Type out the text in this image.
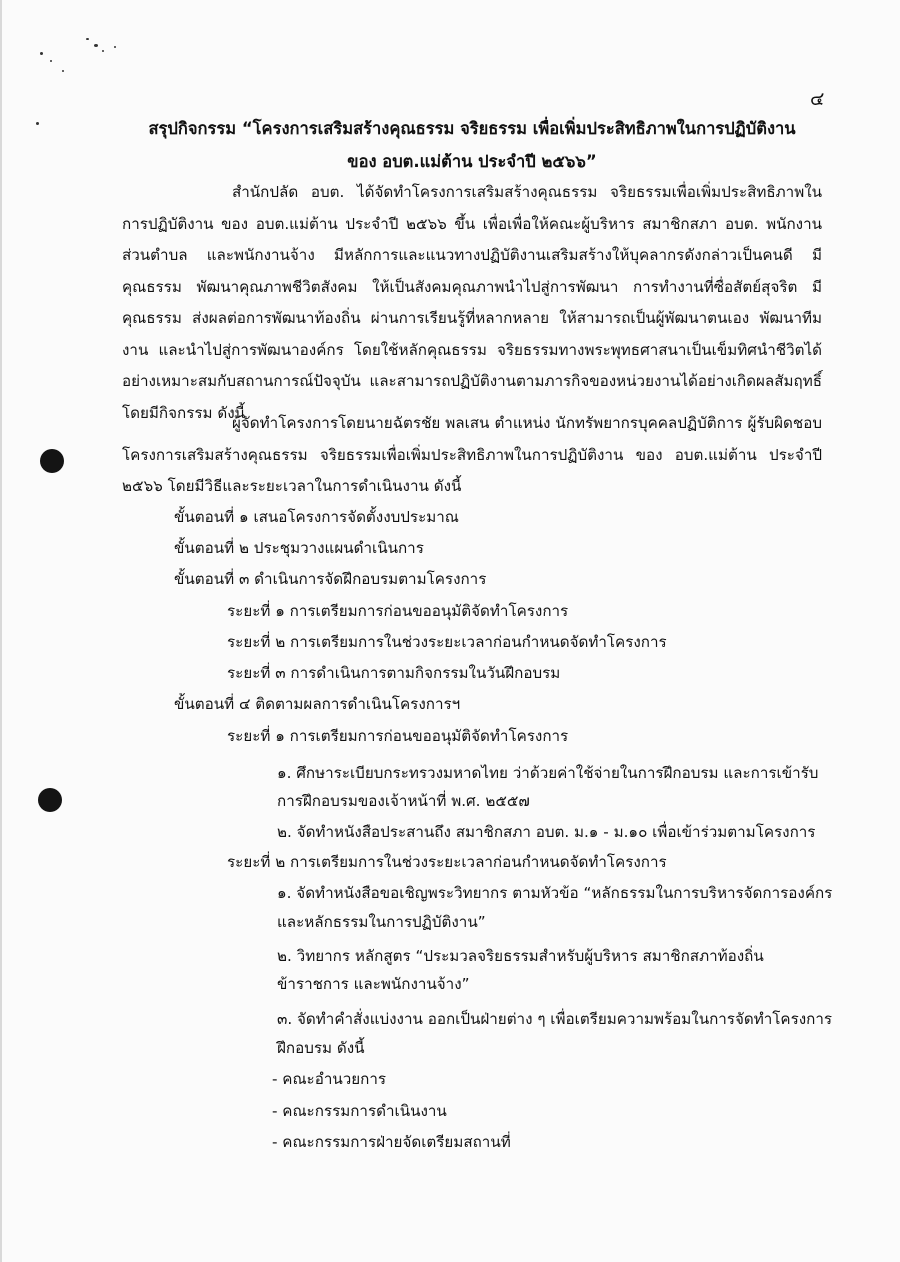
๔
สรุปกิจกรรม “โครงการเสริมสร้างคุณธรรม จริยธรรม เพื่อเพิ่มประสิทธิภาพในการปฏิบัติงาน
ของ อบต.แม่ต้าน ประจำปี ๒๕๖๖”
สำนักปลัด อบต. ได้จัดทำโครงการเสริมสร้างคุณธรรม จริยธรรมเพื่อเพิ่มประสิทธิภาพในการปฏิบัติงาน ของ อบต.แม่ต้าน ประจำปี ๒๕๖๖ ขึ้น เพื่อเพื่อให้คณะผู้บริหาร สมาชิกสภา อบต. พนักงานส่วนตำบล และพนักงานจ้าง มีหลักการและแนวทางปฏิบัติงานเสริมสร้างให้บุคลากรดังกล่าวเป็นคนดี มีคุณธรรม พัฒนาคุณภาพชีวิตสังคม ให้เป็นสังคมคุณภาพนำไปสู่การพัฒนา การทำงานที่ซื่อสัตย์สุจริต มีคุณธรรม ส่งผลต่อการพัฒนาท้องถิ่น ผ่านการเรียนรู้ที่หลากหลาย ให้สามารถเป็นผู้พัฒนาตนเอง พัฒนาทีมงาน และนำไปสู่การพัฒนาองค์กร โดยใช้หลักคุณธรรม จริยธรรมทางพระพุทธศาสนาเป็นเข็มทิศนำชีวิตได้อย่างเหมาะสมกับสถานการณ์ปัจจุบัน และสามารถปฏิบัติงานตามภารกิจของหน่วยงานได้อย่างเกิดผลสัมฤทธิ์ โดยมีกิจกรรม ดังนี้
ผู้จัดทำโครงการโดยนายฉัตรชัย พลเสน ตำแหน่ง นักทรัพยากรบุคคลปฏิบัติการ ผู้รับผิดชอบโครงการเสริมสร้างคุณธรรม จริยธรรมเพื่อเพิ่มประสิทธิภาพในการปฏิบัติงาน ของ อบต.แม่ต้าน ประจำปี ๒๕๖๖ โดยมีวิธีและระยะเวลาในการดำเนินงาน ดังนี้
ขั้นตอนที่ ๑ เสนอโครงการจัดตั้งงบประมาณ
ขั้นตอนที่ ๒ ประชุมวางแผนดำเนินการ
ขั้นตอนที่ ๓ ดำเนินการจัดฝึกอบรมตามโครงการ
ระยะที่ ๑ การเตรียมการก่อนขออนุมัติจัดทำโครงการ
ระยะที่ ๒ การเตรียมการในช่วงระยะเวลาก่อนกำหนดจัดทำโครงการ
ระยะที่ ๓ การดำเนินการตามกิจกรรมในวันฝึกอบรม
ขั้นตอนที่ ๔ ติดตามผลการดำเนินโครงการฯ
ระยะที่ ๑ การเตรียมการก่อนขออนุมัติจัดทำโครงการ
๑. ศึกษาระเบียบกระทรวงมหาดไทย ว่าด้วยค่าใช้จ่ายในการฝึกอบรม และการเข้ารับ
การฝึกอบรมของเจ้าหน้าที่ พ.ศ. ๒๕๕๗
๒. จัดทำหนังสือประสานถึง สมาชิกสภา อบต. ม.๑ - ม.๑๐ เพื่อเข้าร่วมตามโครงการ
ระยะที่ ๒ การเตรียมการในช่วงระยะเวลาก่อนกำหนดจัดทำโครงการ
๑. จัดทำหนังสือขอเชิญพระวิทยากร ตามหัวข้อ “หลักธรรมในการบริหารจัดการองค์กร
และหลักธรรมในการปฏิบัติงาน”
๒. วิทยากร หลักสูตร “ประมวลจริยธรรมสำหรับผู้บริหาร สมาชิกสภาท้องถิ่น
ข้าราชการ และพนักงานจ้าง”
๓. จัดทำคำสั่งแบ่งงาน ออกเป็นฝ่ายต่าง ๆ เพื่อเตรียมความพร้อมในการจัดทำโครงการ
ฝึกอบรม ดังนี้
- คณะอำนวยการ
- คณะกรรมการดำเนินงาน
- คณะกรรมการฝ่ายจัดเตรียมสถานที่
